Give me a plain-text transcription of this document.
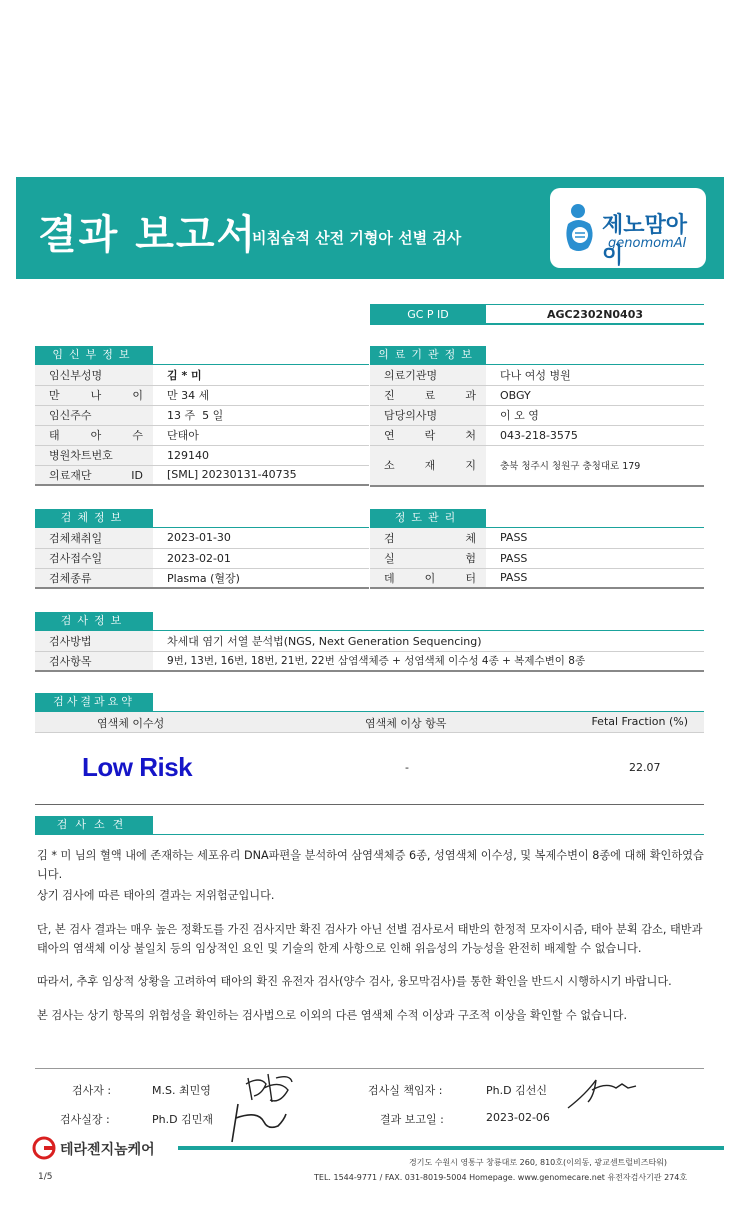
결과 보고서
비침습적 산전 기형아 선별 검사	제노맘아이
genomomAI
GC P ID	AGC2302N0403
임신부정보
임신부성명	김 * 미
만 나 이	만 34 세
임신주수	13 주  5 일
태 아 수	단태아
병원차트번호	129140
의료재단 ID	[SML] 20230131-40735
의료기관정보
의료기관명	다나 여성 병원
진 료 과	OBGY
담당의사명	이 오 영
연 락 처	043-218-3575
소 재 지	충북 청주시 청원구 충청대로 179
검체정보
검체채취일	2023-01-30
검사접수일	2023-02-01
검체종류	Plasma (혈장)
정도관리
검 체	PASS
실 험	PASS
데 이 터	PASS
검사정보
검사방법	차세대 염기 서열 분석법(NGS, Next Generation Sequencing)
검사항목	9번, 13번, 16번, 18번, 21번, 22번 삼염색체증 + 성염색체 이수성 4종 + 복제수변이 8종
검사결과요약
염색체 이수성	염색체 이상 항목	Fetal Fraction (%)
Low Risk	-	22.07
검사소견
김 * 미 님의 혈액 내에 존재하는 세포유리 DNA파편을 분석하여 삼염색체증 6종, 성염색체 이수성, 및 복제수변이 8종에 대해 확인하였습니다.
상기 검사에 따른 태아의 결과는 저위험군입니다.
단, 본 검사 결과는 매우 높은 정확도를 가진 검사지만 확진 검사가 아닌 선별 검사로서 태반의 한정적 모자이시즘, 태아 분획 감소, 태반과 태아의 염색체 이상 불일치 등의 임상적인 요인 및 기술의 한계 사항으로 인해 위음성의 가능성을 완전히 배제할 수 없습니다.
따라서, 추후 임상적 상황을 고려하여 태아의 확진 유전자 검사(양수 검사, 융모막검사)를 통한 확인을 반드시 시행하시기 바랍니다.
본 검사는 상기 항목의 위험성을 확인하는 검사법으로 이외의 다른 염색체 수적 이상과 구조적 이상을 확인할 수 없습니다.
검사자 :	M.S. 최민영
검사실장 :	Ph.D 김민재
검사실 책임자 :	Ph.D 김선신
결과 보고일 :	2023-02-06
테라젠지놈케어
경기도 수원시 영통구 창룡대로 260, 810호(이의동, 광교센트럴비즈타워)
TEL. 1544-9771 / FAX. 031-8019-5004 Homepage. www.genomecare.net 유전자검사기관 274호
1/5
